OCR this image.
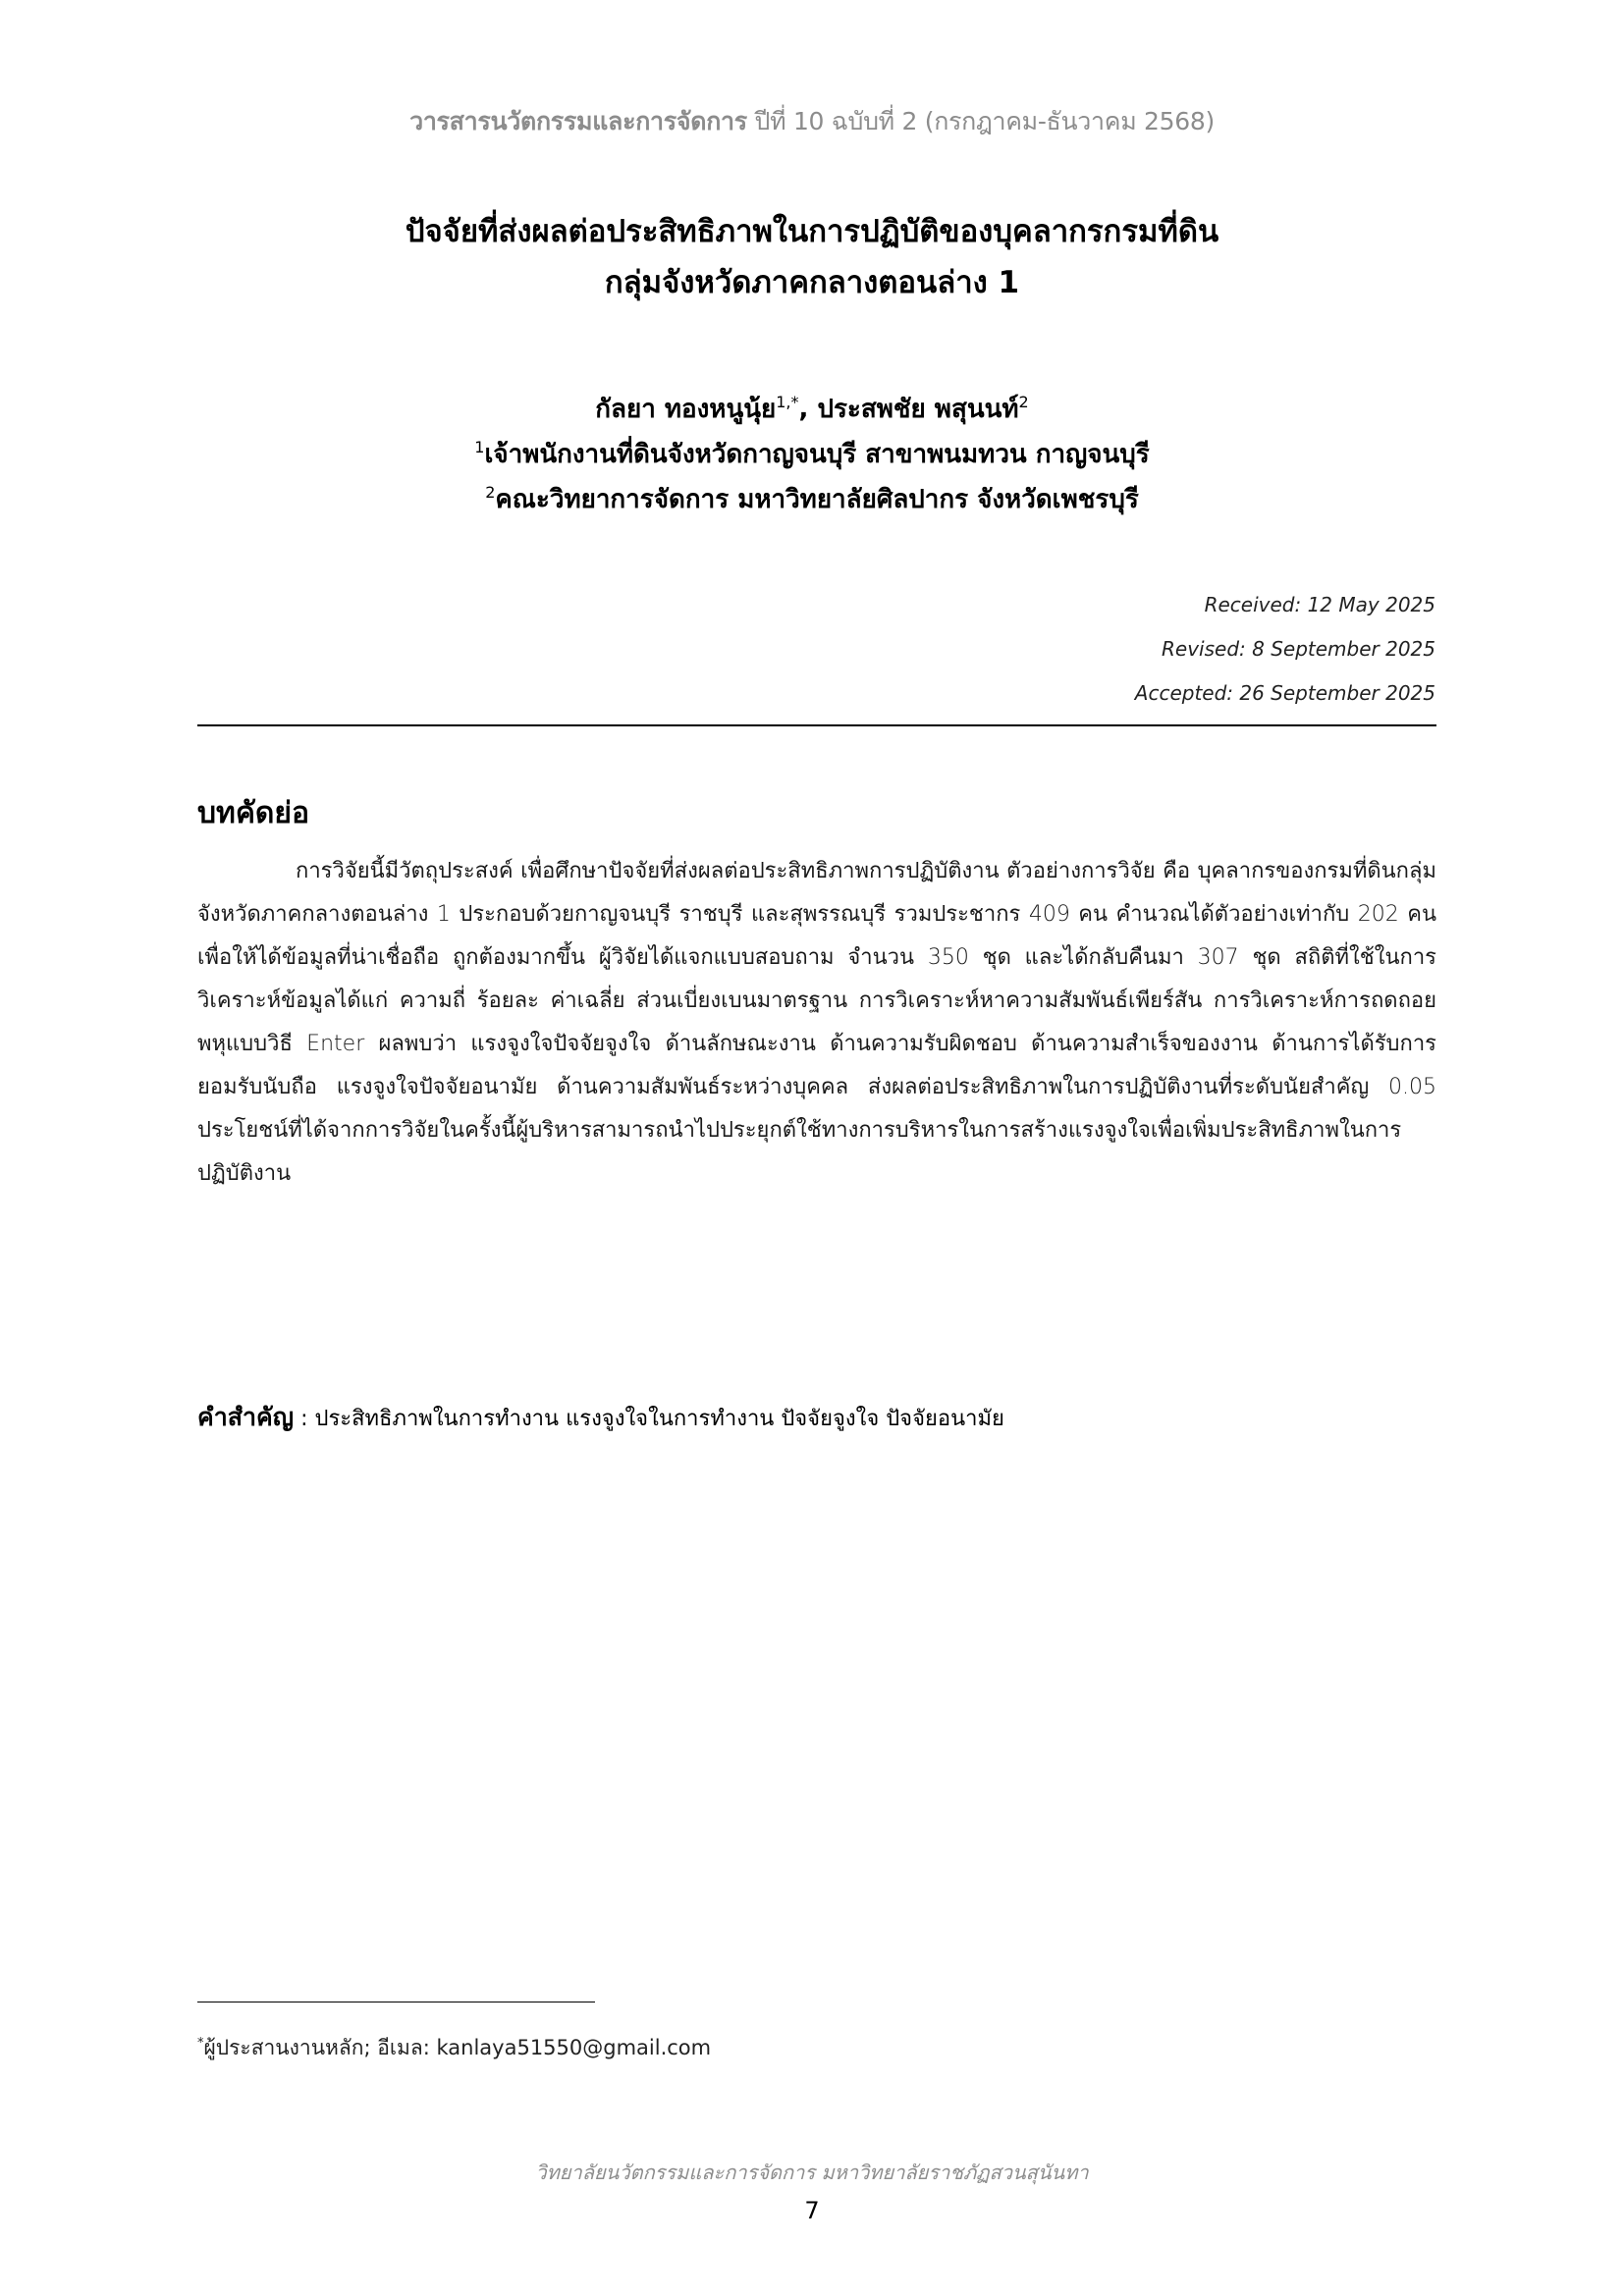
วารสารนวัตกรรมและการจัดการ ปีที่ 10 ฉบับที่ 2 (กรกฎาคม-ธันวาคม 2568)
ปัจจัยที่ส่งผลต่อประสิทธิภาพในการปฏิบัติของบุคลากรกรมที่ดิน
กลุ่มจังหวัดภาคกลางตอนล่าง 1
กัลยา ทองหนูนุ้ย$^{1,*}$, ประสพชัย พสุนนท์$^2$
$^1$เจ้าพนักงานที่ดินจังหวัดกาญจนบุรี สาขาพนมทวน กาญจนบุรี
$^2$คณะวิทยาการจัดการ มหาวิทยาลัยศิลปากร จังหวัดเพชรบุรี
Received: 12 May 2025
Revised: 8 September 2025
Accepted: 26 September 2025
บทคัดย่อ

การวิจัยนี้มีวัตถุประสงค์ เพื่อศึกษาปัจจัยที่ส่งผลต่อประสิทธิภาพการปฏิบัติงาน ตัวอย่างการวิจัย คือ บุคลากรของกรมที่ดินกลุ่มจังหวัดภาคกลางตอนล่าง 1 ประกอบด้วยกาญจนบุรี ราชบุรี และสุพรรณบุรี รวมประชากร 409 คน คำนวณได้ตัวอย่างเท่ากับ 202 คน เพื่อให้ได้ข้อมูลที่น่าเชื่อถือ ถูกต้องมากขึ้น ผู้วิจัยได้แจกแบบสอบถาม จำนวน 350 ชุด และได้กลับคืนมา 307 ชุด สถิติที่ใช้ในการวิเคราะห์ข้อมูลได้แก่ ความถี่ ร้อยละ ค่าเฉลี่ย ส่วนเบี่ยงเบนมาตรฐาน การวิเคราะห์หาความสัมพันธ์เพียร์สัน การวิเคราะห์การถดถอยพหุแบบวิธี Enter ผลพบว่า แรงจูงใจปัจจัยจูงใจ ด้านลักษณะงาน ด้านความรับผิดชอบ ด้านความสำเร็จของงาน ด้านการได้รับการยอมรับนับถือ แรงจูงใจปัจจัยอนามัย ด้านความสัมพันธ์ระหว่างบุคคล ส่งผลต่อประสิทธิภาพในการปฏิบัติงานที่ระดับนัยสำคัญ 0.05 ประโยชน์ที่ได้จากการวิจัยในครั้งนี้ผู้บริหารสามารถนำไปประยุกต์ใช้ทางการบริหารในการสร้างแรงจูงใจเพื่อเพิ่มประสิทธิภาพในการปฏิบัติงาน

คำสำคัญ : ประสิทธิภาพในการทำงาน แรงจูงใจในการทำงาน ปัจจัยจูงใจ ปัจจัยอนามัย
*ผู้ประสานงานหลัก; อีเมล: kanlaya51550@gmail.com
วิทยาลัยนวัตกรรมและการจัดการ มหาวิทยาลัยราชภัฏสวนสุนันทา
7
